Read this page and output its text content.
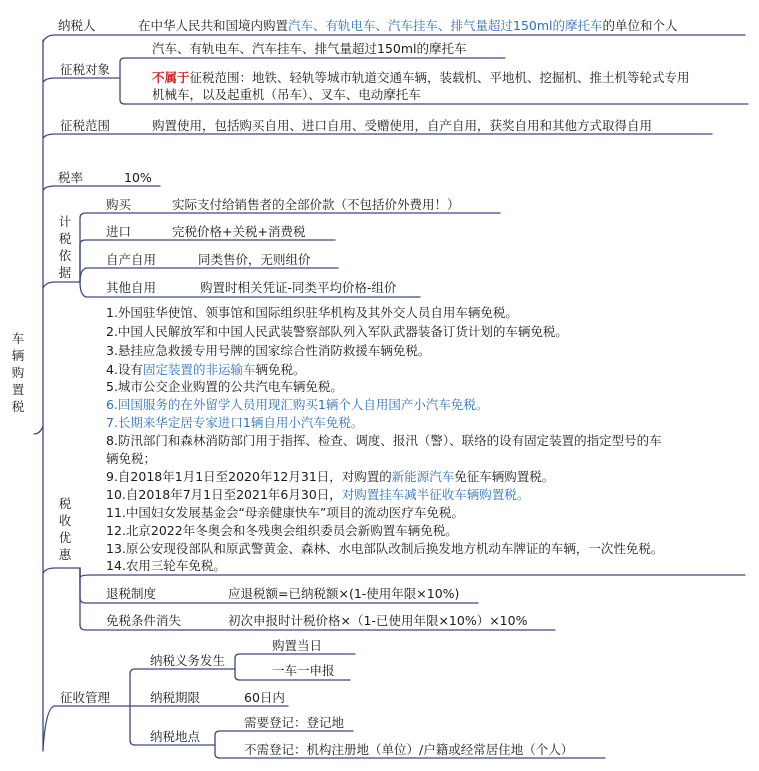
车辆购置税
纳税人	在中华人民共和国境内购置汽车、有轨电车、汽车挂车、排气量超过150ml的摩托车的单位和个人
征税对象
汽车、有轨电车、汽车挂车、排气量超过150ml的摩托车
不属于征税范围：地铁、轻轨等城市轨道交通车辆，装载机、平地机、挖掘机、推土机等轮式专用
机械车，以及起重机（吊车）、叉车、电动摩托车
征税范围	购置使用，包括购买自用、进口自用、受赠使用，自产自用，获奖自用和其他方式取得自用
税率	10%
计税依据
购买	实际支付给销售者的全部价款（不包括价外费用！）
进口	完税价格+关税+消费税
自产自用	同类售价，无则组价
其他自用	购置时相关凭证-同类平均价格-组价
税收优惠
1.外国驻华使馆、领事馆和国际组织驻华机构及其外交人员自用车辆免税。
2.中国人民解放军和中国人民武装警察部队列入军队武器装备订货计划的车辆免税。
3.悬挂应急救援专用号牌的国家综合性消防救援车辆免税。
4.设有固定装置的非运输车辆免税。
5.城市公交企业购置的公共汽电车辆免税。
6.回国服务的在外留学人员用现汇购买1辆个人自用国产小汽车免税。
7.长期来华定居专家进口1辆自用小汽车免税。
8.防汛部门和森林消防部门用于指挥、检查、调度、报汛（警）、联络的设有固定装置的指定型号的车
辆免税；
9.自2018年1月1日至2020年12月31日，对购置的新能源汽车免征车辆购置税。
10.自2018年7月1日至2021年6月30日，对购置挂车减半征收车辆购置税。
11.中国妇女发展基金会“母亲健康快车”项目的流动医疗车免税。
12.北京2022年冬奥会和冬残奥会组织委员会新购置车辆免税。
13.原公安现役部队和原武警黄金、森林、水电部队改制后换发地方机动车牌证的车辆，一次性免税。
14.农用三轮车免税。
退税制度	应退税额=已纳税额×(1-使用年限×10%)
免税条件消失	初次申报时计税价格×（1-已使用年限×10%）×10%
征收管理
纳税义务发生
购置当日
一车一申报
纳税期限	60日内
纳税地点
需要登记：登记地
不需登记：机构注册地（单位）/户籍或经常居住地（个人）
